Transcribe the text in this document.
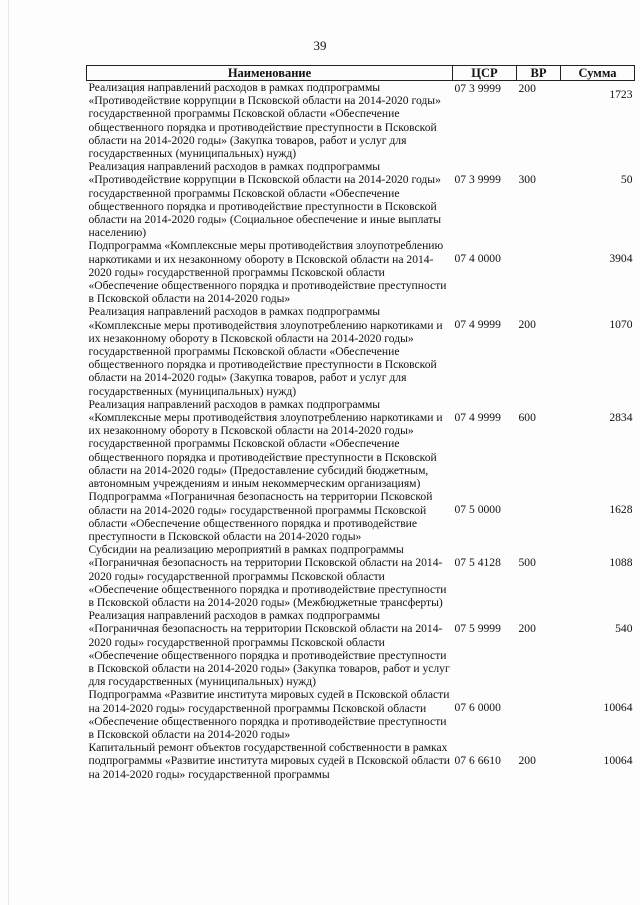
39
Наименование	ЦСР	ВР	Сумма
Реализация направлений расходов в рамках подпрограммы «Противодействие коррупции в Псковской области на 2014-2020 годы» государственной программы Псковской области «Обеспечение общественного порядка и противодействие преступности в Псковской области на 2014-2020 годы» (Закупка товаров, работ и услуг для государственных (муниципальных) нужд)	07 3 9999	200	1723
Реализация направлений расходов в рамках подпрограммы «Противодействие коррупции в Псковской области на 2014-2020 годы» государственной программы Псковской области «Обеспечение общественного порядка и противодействие преступности в Псковской области на 2014-2020 годы» (Социальное обеспечение и иные выплаты населению)	07 3 9999	300	50
Подпрограмма «Комплексные меры противодействия злоупотреблению наркотиками и их незаконному обороту в Псковской области на 2014-2020 годы» государственной программы Псковской области «Обеспечение общественного порядка и противодействие преступности в Псковской области на 2014-2020 годы»	07 4 0000		3904
Реализация направлений расходов в рамках подпрограммы «Комплексные меры противодействия злоупотреблению наркотиками и их незаконному обороту в Псковской области на 2014-2020 годы» государственной программы Псковской области «Обеспечение общественного порядка и противодействие преступности в Псковской области на 2014-2020 годы» (Закупка товаров, работ и услуг для государственных (муниципальных) нужд)	07 4 9999	200	1070
Реализация направлений расходов в рамках подпрограммы «Комплексные меры противодействия злоупотреблению наркотиками и их незаконному обороту в Псковской области на 2014-2020 годы» государственной программы Псковской области «Обеспечение общественного порядка и противодействие преступности в Псковской области на 2014-2020 годы» (Предоставление субсидий бюджетным, автономным учреждениям и иным некоммерческим организациям)	07 4 9999	600	2834
Подпрограмма «Пограничная безопасность на территории Псковской области на 2014-2020 годы» государственной программы Псковской области «Обеспечение общественного порядка и противодействие преступности в Псковской области на 2014-2020 годы»	07 5 0000		1628
Субсидии на реализацию мероприятий в рамках подпрограммы «Пограничная безопасность на территории Псковской области на 2014-2020 годы» государственной программы Псковской области «Обеспечение общественного порядка и противодействие преступности в Псковской области на 2014-2020 годы» (Межбюджетные трансферты)	07 5 4128	500	1088
Реализация направлений расходов в рамках подпрограммы «Пограничная безопасность на территории Псковской области на 2014-2020 годы» государственной программы Псковской области «Обеспечение общественного порядка и противодействие преступности в Псковской области на 2014-2020 годы» (Закупка товаров, работ и услуг для государственных (муниципальных) нужд)	07 5 9999	200	540
Подпрограмма «Развитие института мировых судей в Псковской области на 2014-2020 годы» государственной программы Псковской области «Обеспечение общественного порядка и противодействие преступности в Псковской области на 2014-2020 годы»	07 6 0000		10064
Капитальный ремонт объектов государственной собственности в рамках подпрограммы «Развитие института мировых судей в Псковской области на 2014-2020 годы» государственной программы	07 6 6610	200	10064
